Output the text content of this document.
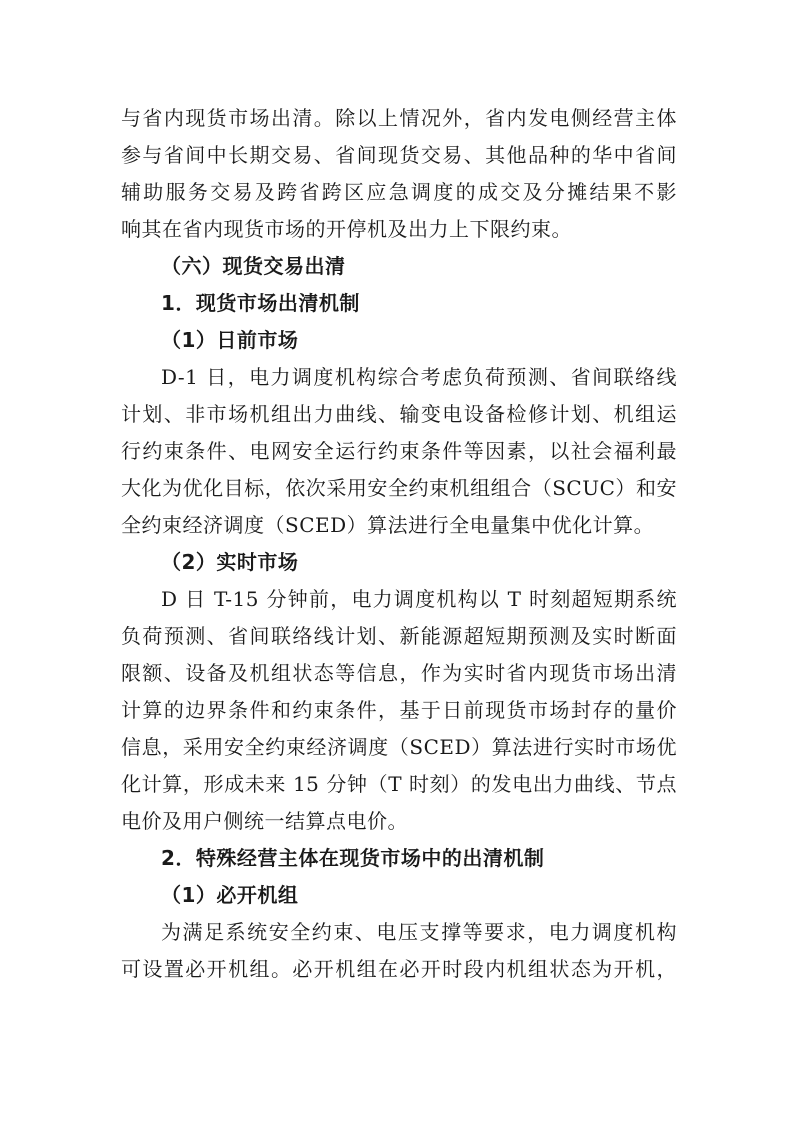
与省内现货市场出清。除以上情况外，省内发电侧经营主体
参与省间中长期交易、省间现货交易、其他品种的华中省间
辅助服务交易及跨省跨区应急调度的成交及分摊结果不影
响其在省内现货市场的开停机及出力上下限约束。
（六）现货交易出清
1．现货市场出清机制
（1）日前市场
D-1 日，电力调度机构综合考虑负荷预测、省间联络线
计划、非市场机组出力曲线、输变电设备检修计划、机组运
行约束条件、电网安全运行约束条件等因素，以社会福利最
大化为优化目标，依次采用安全约束机组组合（SCUC）和安
全约束经济调度（SCED）算法进行全电量集中优化计算。
（2）实时市场
D 日 T-15 分钟前，电力调度机构以 T 时刻超短期系统
负荷预测、省间联络线计划、新能源超短期预测及实时断面
限额、设备及机组状态等信息，作为实时省内现货市场出清
计算的边界条件和约束条件，基于日前现货市场封存的量价
信息，采用安全约束经济调度（SCED）算法进行实时市场优
化计算，形成未来 15 分钟（T 时刻）的发电出力曲线、节点
电价及用户侧统一结算点电价。
2．特殊经营主体在现货市场中的出清机制
（1）必开机组
为满足系统安全约束、电压支撑等要求，电力调度机构
可设置必开机组。必开机组在必开时段内机组状态为开机，
